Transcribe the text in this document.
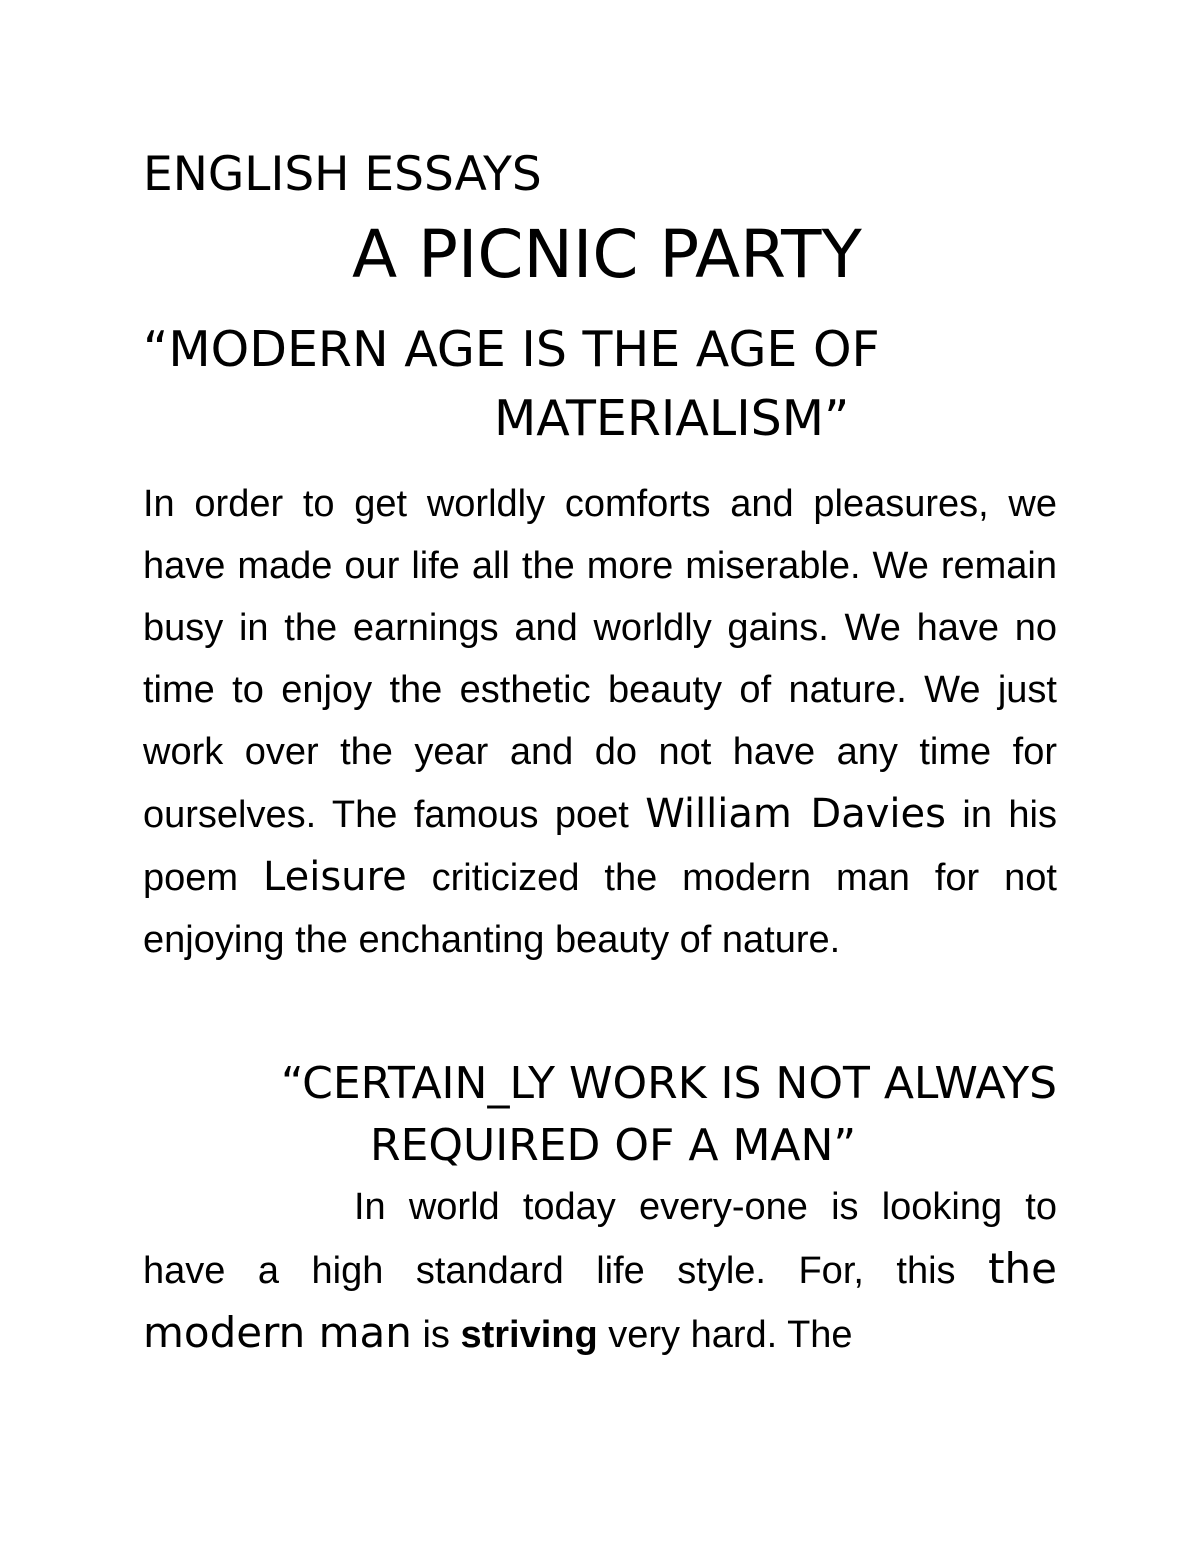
ENGLISH ESSAYS
A PICNIC PARTY
“MODERN AGE IS THE AGE OF
MATERIALISM”

In order to get worldly comforts and pleasures, we have made our life all the more miserable. We remain busy in the earnings and worldly gains. We have no time to enjoy the esthetic beauty of nature. We just work over the year and do not have any time for ourselves. The famous poet William Davies in his poem Leisure criticized the modern man for not enjoying the enchanting beauty of nature.

“CERTAIN_LY WORK IS NOT ALWAYS
REQUIRED OF A MAN”

In world today every-one is looking to have a high standard life style. For, this the modern man is striving very hard. The
